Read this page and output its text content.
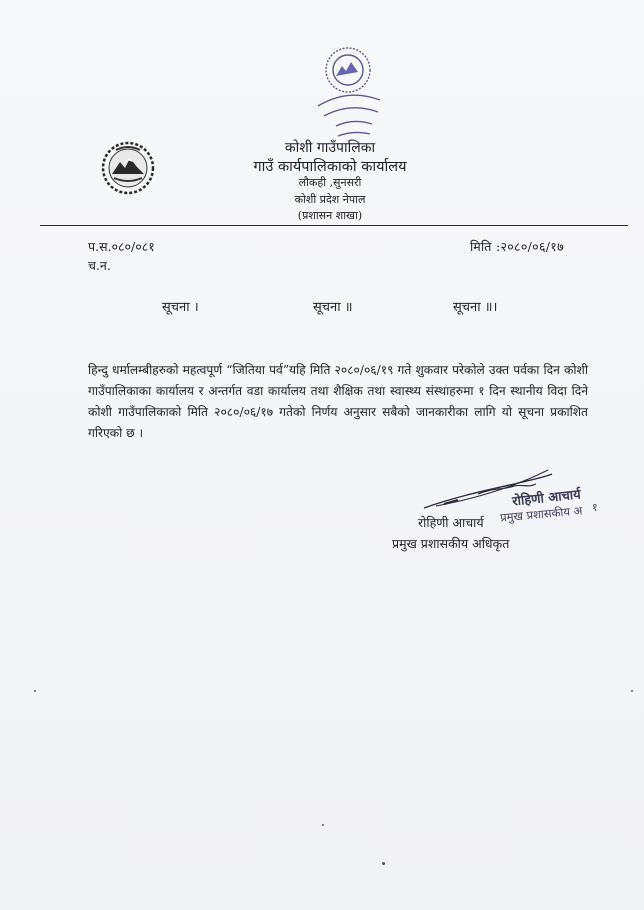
कोशी गाउँपालिका
गाउँ कार्यपालिकाको कार्यालय
लौकही ,सुनसरी
कोशी प्रदेश नेपाल
(प्रशासन शाखा)
प.स.०८०/०८१
च.न.
मिति :२०८०/०६/१७
सूचना ।	सूचना ॥	सूचना ॥।

हिन्दु धर्मालम्बीहरुको महत्वपूर्ण “जितिया पर्व”यहि मिति २०८०/०६/१९ गते शुकवार परेकोले उक्त पर्वका दिन कोशी गाउँपालिकाका कार्यालय र अन्तर्गत वडा कार्यालय तथा शैक्षिक तथा स्वास्थ्य संस्थाहरुमा १ दिन स्थानीय विदा दिने कोशी गाउँपालिकाको मिति २०८०/०६/१७ गतेको निर्णय अनुसार सबैको जानकारीका लागि यो सूचना प्रकाशित गरिएको छ ।

रोहिणी आचार्य
प्रमुख प्रशासकीय अ १
रोहिणी आचार्य
प्रमुख प्रशासकीय अधिकृत
